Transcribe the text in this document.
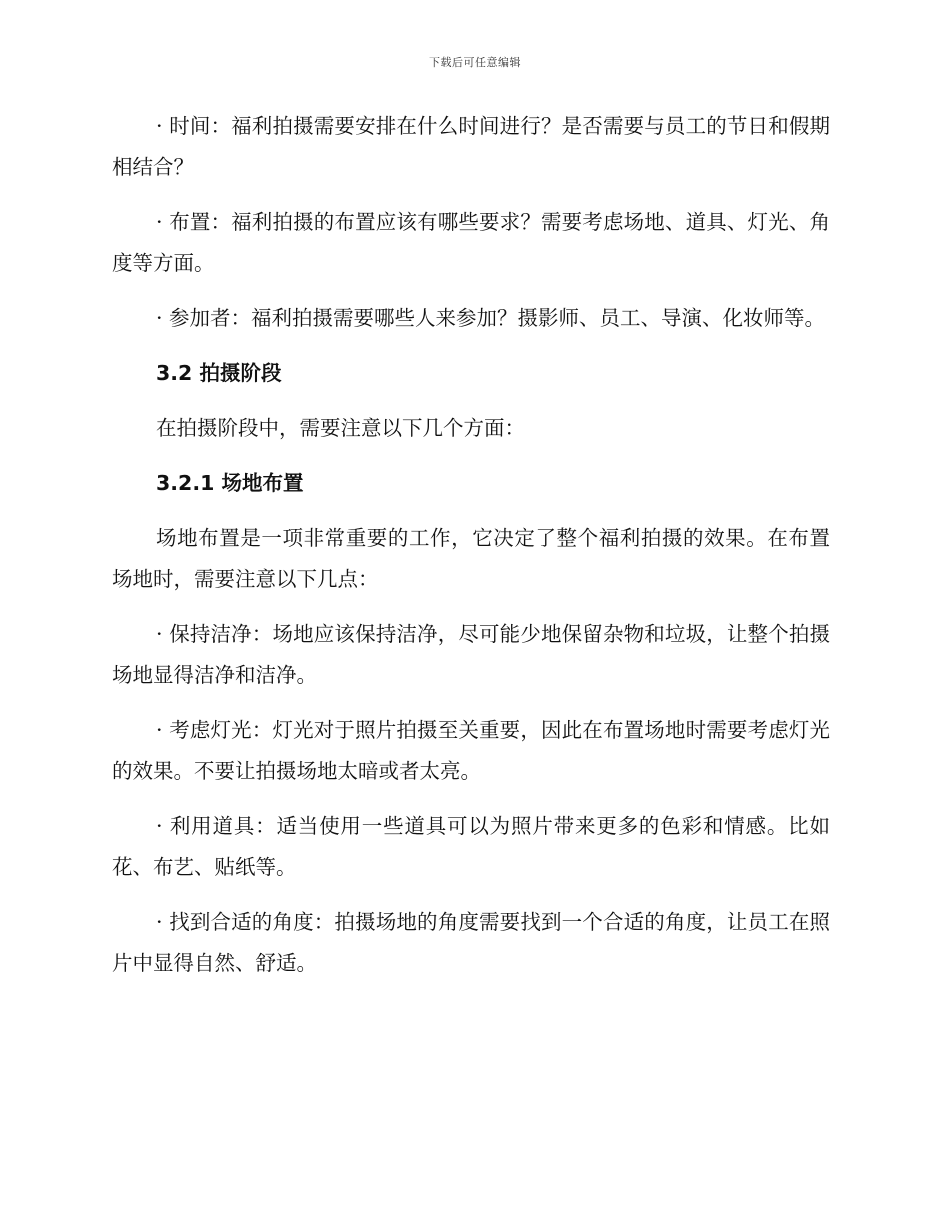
下载后可任意编辑

· 时间：福利拍摄需要安排在什么时间进行？是否需要与员工的节日和假期相结合？

· 布置：福利拍摄的布置应该有哪些要求？需要考虑场地、道具、灯光、角度等方面。

· 参加者：福利拍摄需要哪些人来参加？摄影师、员工、导演、化妆师等。

3.2 拍摄阶段

在拍摄阶段中，需要注意以下几个方面：

3.2.1 场地布置

场地布置是一项非常重要的工作，它决定了整个福利拍摄的效果。在布置场地时，需要注意以下几点：

· 保持洁净：场地应该保持洁净，尽可能少地保留杂物和垃圾，让整个拍摄场地显得洁净和洁净。

· 考虑灯光：灯光对于照片拍摄至关重要，因此在布置场地时需要考虑灯光的效果。不要让拍摄场地太暗或者太亮。

· 利用道具：适当使用一些道具可以为照片带来更多的色彩和情感。比如花、布艺、贴纸等。

· 找到合适的角度：拍摄场地的角度需要找到一个合适的角度，让员工在照片中显得自然、舒适。
